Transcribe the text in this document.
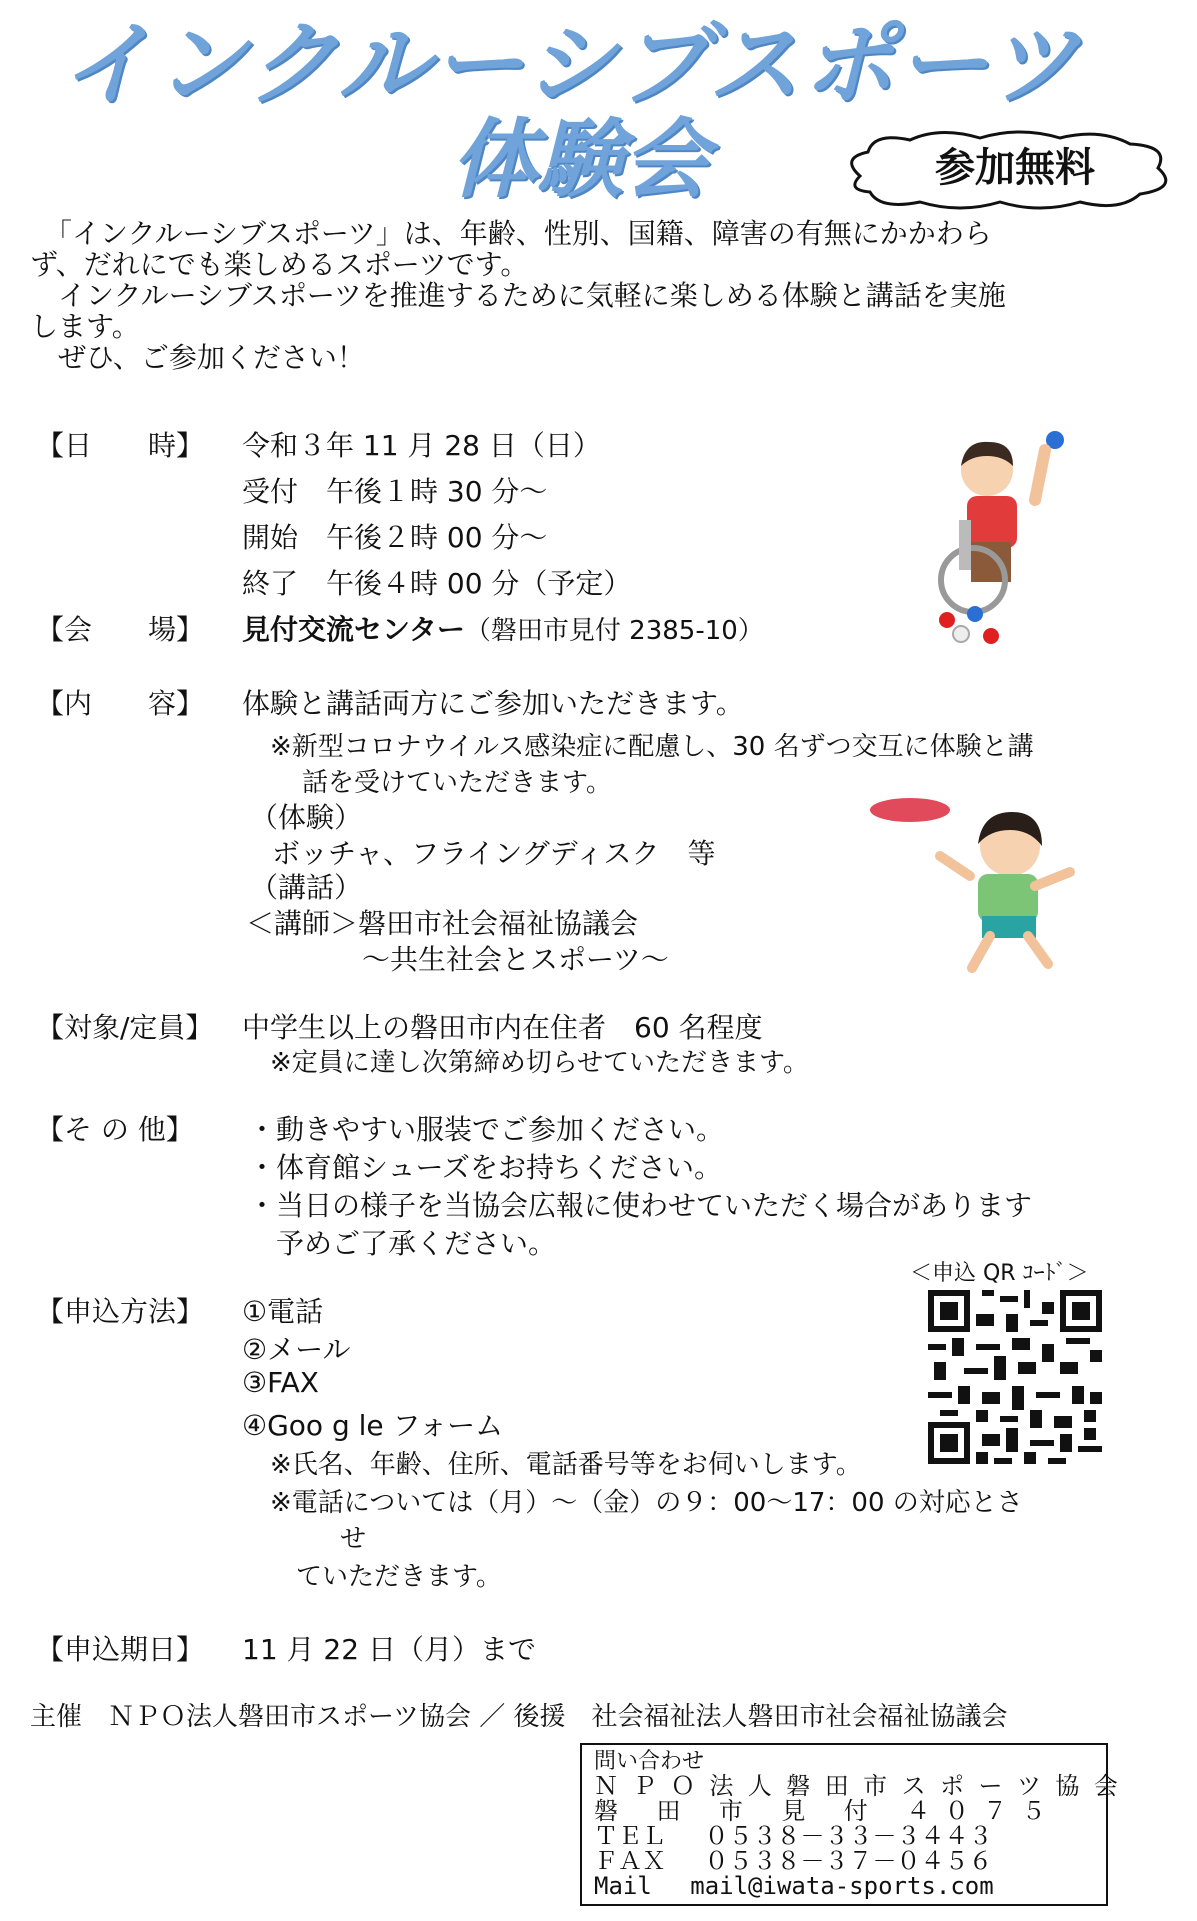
インクルーシブスポーツ
体験会	参加無料

　「インクルーシブスポーツ」は、年齢、性別、国籍、障害の有無にかかわら

ず、だれにでも楽しめるスポーツです。

　インクルーシブスポーツを推進するために気軽に楽しめる体験と講話を実施

します。

　ぜひ、ご参加ください！

【日　　時】 令和３年 11 月 28 日（日）
受付　午後１時 30 分～
開始　午後２時 00 分～
終了　午後４時 00 分（予定）
【会　　場】 見付交流センター（磐田市見付 2385-10）
【内　　容】 体験と講話両方にご参加いただきます。
※新型コロナウイルス感染症に配慮し、30 名ずつ交互に体験と講
話を受けていただきます。
（体験）
ボッチャ、フライングディスク　等
（講話）
＜講師＞磐田市社会福祉協議会
～共生社会とスポーツ～
【対象/定員】 中学生以上の磐田市内在住者　60 名程度
※定員に達し次第締め切らせていただきます。
【そ の 他】 ・動きやすい服装でご参加ください。
・体育館シューズをお持ちください。
・当日の様子を当協会広報に使わせていただく場合があります
　予めご了承ください。
＜申込 QR ｺｰﾄﾞ＞
【申込方法】 ①電話
②メール
③FAX
④Goo g le フォーム
※氏名、年齢、住所、電話番号等をお伺いします。
※電話については（月）～（金）の９：00～17：00 の対応とさ
せ
ていただきます。
【申込期日】 11 月 22 日（月）まで
主催　ＮＰＯ法人磐田市スポーツ協会 ／ 後援　社会福祉法人磐田市社会福祉協議会
問い合わせ
Ｎ Ｐ Ｏ 法 人 磐 田 市 ス ポ ー ツ 協 会
磐　 田　 市　 見 　付　 ４ ０ ７ ５
ＴＥＬ　 ０５３８－３３－３４４３
ＦＡＸ　 ０５３８－３７－０４５６
Mail　 mail@iwata-sports.com
